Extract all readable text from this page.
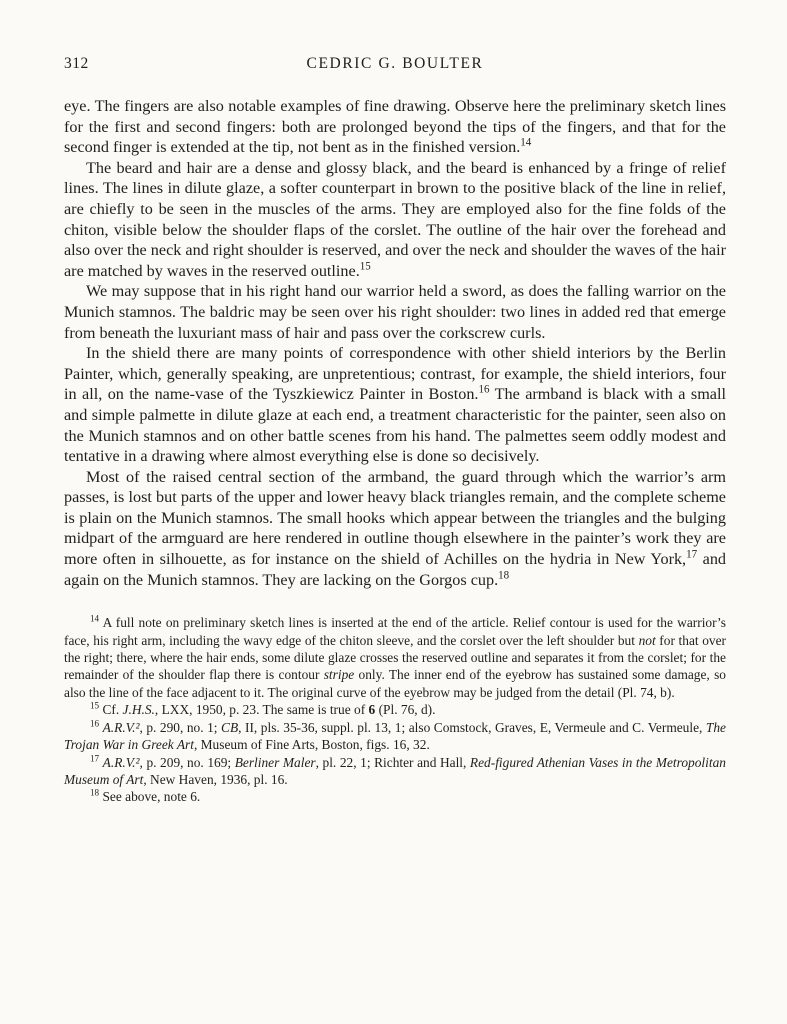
312	CEDRIC G. BOULTER

eye. The fingers are also notable examples of fine drawing. Observe here the preliminary sketch lines for the first and second fingers: both are prolonged beyond the tips of the fingers, and that for the second finger is extended at the tip, not bent as in the finished version.$^{14}$

The beard and hair are a dense and glossy black, and the beard is enhanced by a fringe of relief lines. The lines in dilute glaze, a softer counterpart in brown to the positive black of the line in relief, are chiefly to be seen in the muscles of the arms. They are employed also for the fine folds of the chiton, visible below the shoulder flaps of the corslet. The outline of the hair over the forehead and also over the neck and right shoulder is reserved, and over the neck and shoulder the waves of the hair are matched by waves in the reserved outline.$^{15}$

We may suppose that in his right hand our warrior held a sword, as does the falling warrior on the Munich stamnos. The baldric may be seen over his right shoulder: two lines in added red that emerge from beneath the luxuriant mass of hair and pass over the corkscrew curls.

In the shield there are many points of correspondence with other shield interiors by the Berlin Painter, which, generally speaking, are unpretentious; contrast, for example, the shield interiors, four in all, on the name-vase of the Tyszkiewicz Painter in Boston.$^{16}$ The armband is black with a small and simple palmette in dilute glaze at each end, a treatment characteristic for the painter, seen also on the Munich stamnos and on other battle scenes from his hand. The palmettes seem oddly modest and tentative in a drawing where almost everything else is done so decisively.

Most of the raised central section of the armband, the guard through which the warrior’s arm passes, is lost but parts of the upper and lower heavy black triangles remain, and the complete scheme is plain on the Munich stamnos. The small hooks which appear between the triangles and the bulging midpart of the armguard are here rendered in outline though elsewhere in the painter’s work they are more often in silhouette, as for instance on the shield of Achilles on the hydria in New York,$^{17}$ and again on the Munich stamnos. They are lacking on the Gorgos cup.$^{18}$

$^{14}$ A full note on preliminary sketch lines is inserted at the end of the article. Relief contour is used for the warrior’s face, his right arm, including the wavy edge of the chiton sleeve, and the corslet over the left shoulder but not for that over the right; there, where the hair ends, some dilute glaze crosses the reserved outline and separates it from the corslet; for the remainder of the shoulder flap there is contour stripe only. The inner end of the eyebrow has sustained some damage, so also the line of the face adjacent to it. The original curve of the eyebrow may be judged from the detail (Pl. 74, b).

$^{15}$ Cf. J.H.S., LXX, 1950, p. 23. The same is true of 6 (Pl. 76, d).

$^{16}$ A.R.V.², p. 290, no. 1; CB, II, pls. 35-36, suppl. pl. 13, 1; also Comstock, Graves, E, Vermeule and C. Vermeule, The Trojan War in Greek Art, Museum of Fine Arts, Boston, figs. 16, 32.

$^{17}$ A.R.V.², p. 209, no. 169; Berliner Maler, pl. 22, 1; Richter and Hall, Red-figured Athenian Vases in the Metropolitan Museum of Art, New Haven, 1936, pl. 16.

$^{18}$ See above, note 6.
